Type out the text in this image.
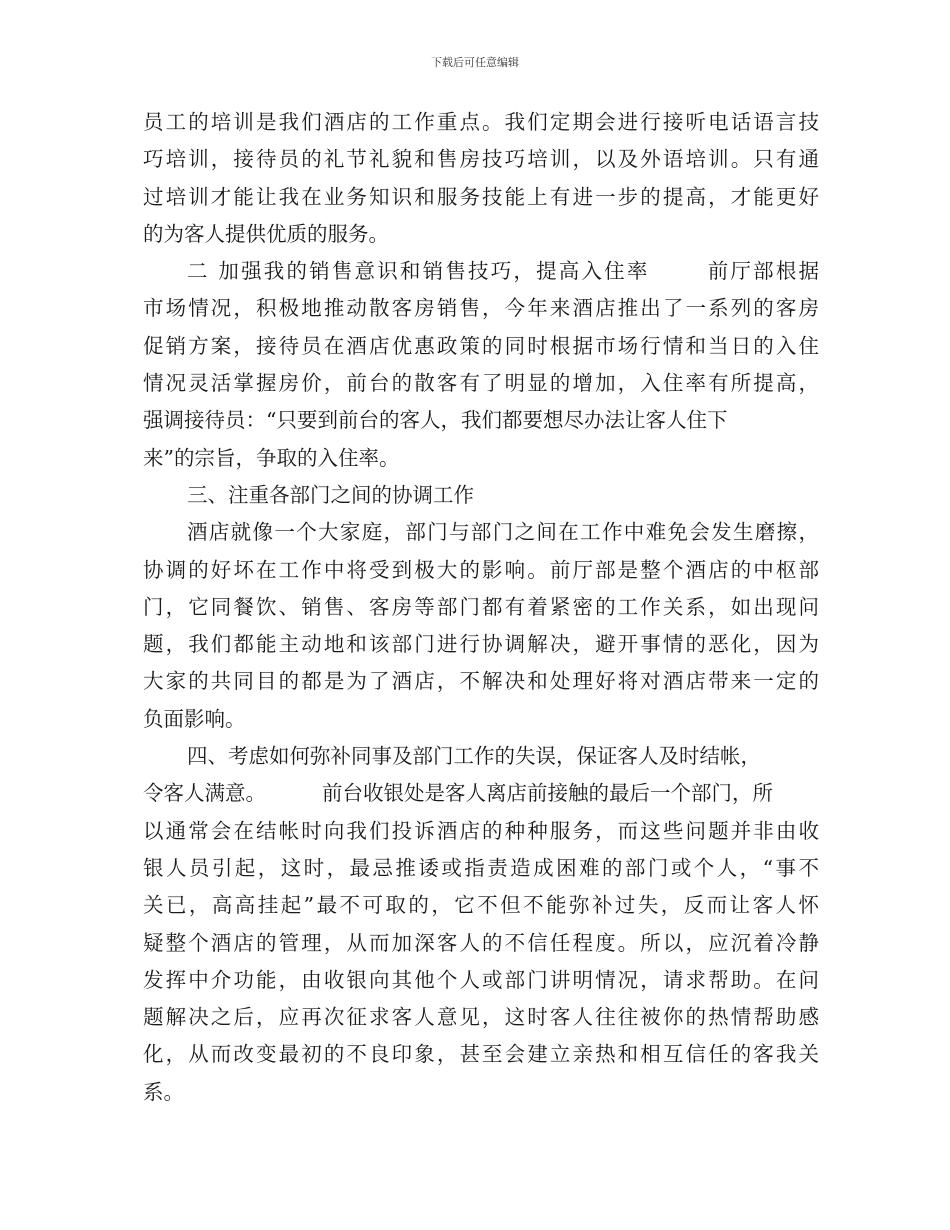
下载后可任意编辑
员工的培训是我们酒店的工作重点。我们定期会进行接听电话语言技
巧培训，接待员的礼节礼貌和售房技巧培训，以及外语培训。只有通
过培训才能让我在业务知识和服务技能上有进一步的提高，才能更好
的为客人提供优质的服务。
二 加强我的销售意识和销售技巧，提高入住率	前厅部根据
市场情况，积极地推动散客房销售，今年来酒店推出了一系列的客房
促销方案，接待员在酒店优惠政策的同时根据市场行情和当日的入住
情况灵活掌握房价，前台的散客有了明显的增加，入住率有所提高，
强调接待员：“只要到前台的客人，我们都要想尽办法让客人住下
来”的宗旨，争取的入住率。
三、注重各部门之间的协调工作
酒店就像一个大家庭，部门与部门之间在工作中难免会发生磨擦，
协调的好坏在工作中将受到极大的影响。前厅部是整个酒店的中枢部
门，它同餐饮、销售、客房等部门都有着紧密的工作关系，如出现问
题，我们都能主动地和该部门进行协调解决，避开事情的恶化，因为
大家的共同目的都是为了酒店，不解决和处理好将对酒店带来一定的
负面影响。
四、考虑如何弥补同事及部门工作的失误，保证客人及时结帐，
令客人满意。	前台收银处是客人离店前接触的最后一个部门，所
以通常会在结帐时向我们投诉酒店的种种服务，而这些问题并非由收
银人员引起，这时，最忌推诿或指责造成困难的部门或个人，“事不
关已，高高挂起”最不可取的，它不但不能弥补过失，反而让客人怀
疑整个酒店的管理，从而加深客人的不信任程度。所以，应沉着冷静
发挥中介功能，由收银向其他个人或部门讲明情况，请求帮助。在问
题解决之后，应再次征求客人意见，这时客人往往被你的热情帮助感
化，从而改变最初的不良印象，甚至会建立亲热和相互信任的客我关
系。
